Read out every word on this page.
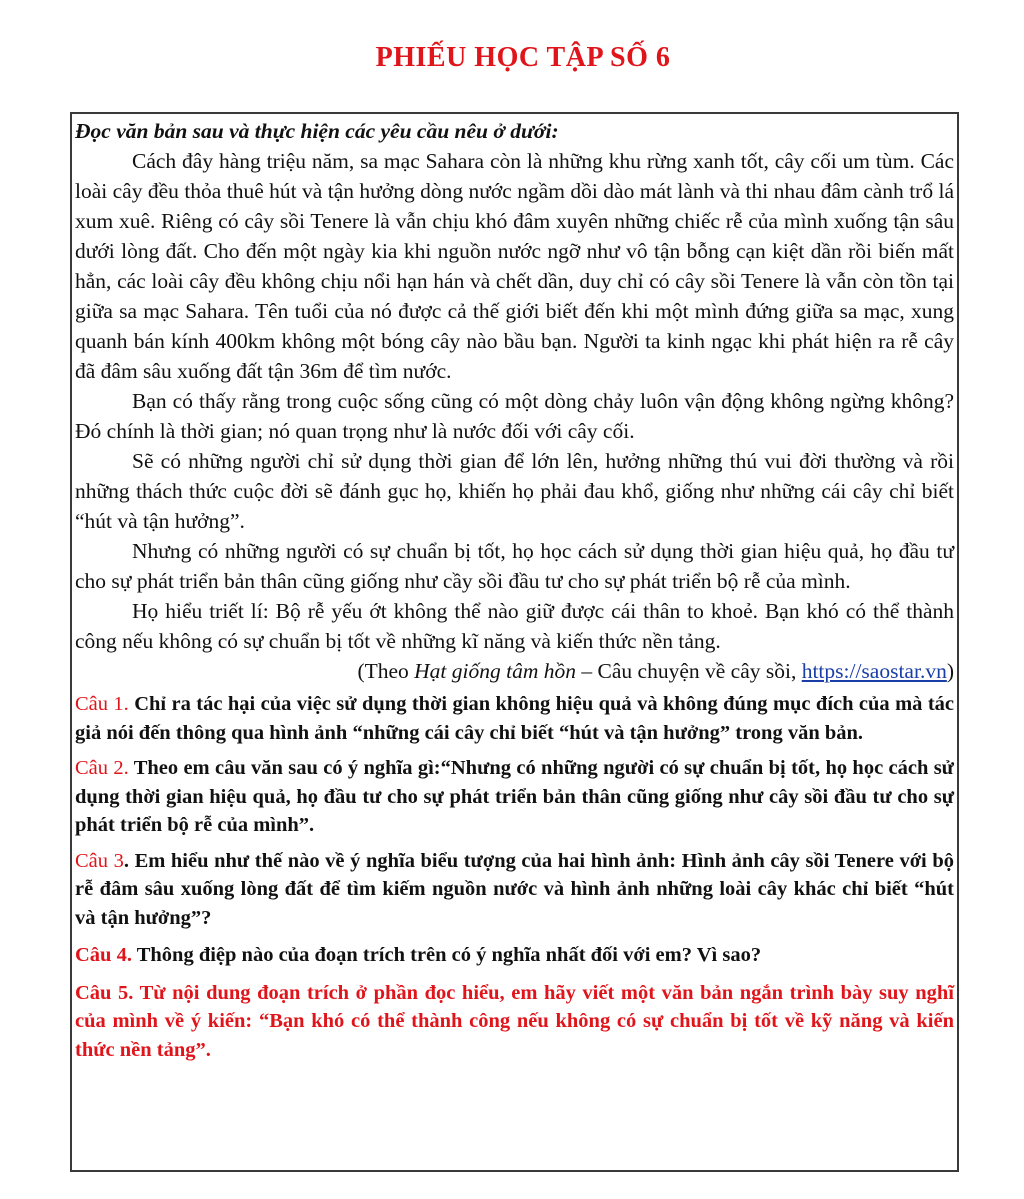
PHIẾU HỌC TẬP SỐ 6
Đọc văn bản sau và thực hiện các yêu cầu nêu ở dưới:
Cách đây hàng triệu năm, sa mạc Sahara còn là những khu rừng xanh tốt, cây cối um tùm. Các loài cây đều thỏa thuê hút và tận hưởng dòng nước ngầm dồi dào mát lành và thi nhau đâm cành trổ lá xum xuê. Riêng có cây sồi Tenere là vẫn chịu khó đâm xuyên những chiếc rễ của mình xuống tận sâu dưới lòng đất. Cho đến một ngày kia khi nguồn nước ngỡ như vô tận bỗng cạn kiệt dần rồi biến mất hẳn, các loài cây đều không chịu nổi hạn hán và chết dần, duy chỉ có cây sồi Tenere là vẫn còn tồn tại giữa sa mạc Sahara. Tên tuổi của nó được cả thế giới biết đến khi một mình đứng giữa sa mạc, xung quanh bán kính 400km không một bóng cây nào bầu bạn. Người ta kinh ngạc khi phát hiện ra rễ cây đã đâm sâu xuống đất tận 36m để tìm nước.
Bạn có thấy rằng trong cuộc sống cũng có một dòng chảy luôn vận động không ngừng không? Đó chính là thời gian; nó quan trọng như là nước đối với cây cối.
Sẽ có những người chỉ sử dụng thời gian để lớn lên, hưởng những thú vui đời thường và rồi những thách thức cuộc đời sẽ đánh gục họ, khiến họ phải đau khổ, giống như những cái cây chỉ biết “hút và tận hưởng”.
Nhưng có những người có sự chuẩn bị tốt, họ học cách sử dụng thời gian hiệu quả, họ đầu tư cho sự phát triển bản thân cũng giống như cầy sồi đầu tư cho sự phát triển bộ rễ của mình.
Họ hiểu triết lí: Bộ rễ yếu ớt không thể nào giữ được cái thân to khoẻ. Bạn khó có thể thành công nếu không có sự chuẩn bị tốt về những kĩ năng và kiến thức nền tảng.
(Theo Hạt giống tâm hồn – Câu chuyện về cây sồi, https://saostar.vn)
Câu 1. Chỉ ra tác hại của việc sử dụng thời gian không hiệu quả và không đúng mục đích của mà tác giả nói đến thông qua hình ảnh “những cái cây chỉ biết “hút và tận hưởng” trong văn bản.
Câu 2. Theo em câu văn sau có ý nghĩa gì:“Nhưng có những người có sự chuẩn bị tốt, họ học cách sử dụng thời gian hiệu quả, họ đầu tư cho sự phát triển bản thân cũng giống như cây sồi đầu tư cho sự phát triển bộ rễ của mình”.
Câu 3. Em hiểu như thế nào về ý nghĩa biểu tượng của hai hình ảnh: Hình ảnh cây sồi Tenere với bộ rễ đâm sâu xuống lòng đất để tìm kiếm nguồn nước và hình ảnh những loài cây khác chỉ biết “hút và tận hưởng”?
Câu 4. Thông điệp nào của đoạn trích trên có ý nghĩa nhất đối với em? Vì sao?
Câu 5. Từ nội dung đoạn trích ở phần đọc hiểu, em hãy viết một văn bản ngắn trình bày suy nghĩ của mình về ý kiến: “Bạn khó có thể thành công nếu không có sự chuẩn bị tốt về kỹ năng và kiến thức nền tảng”.
